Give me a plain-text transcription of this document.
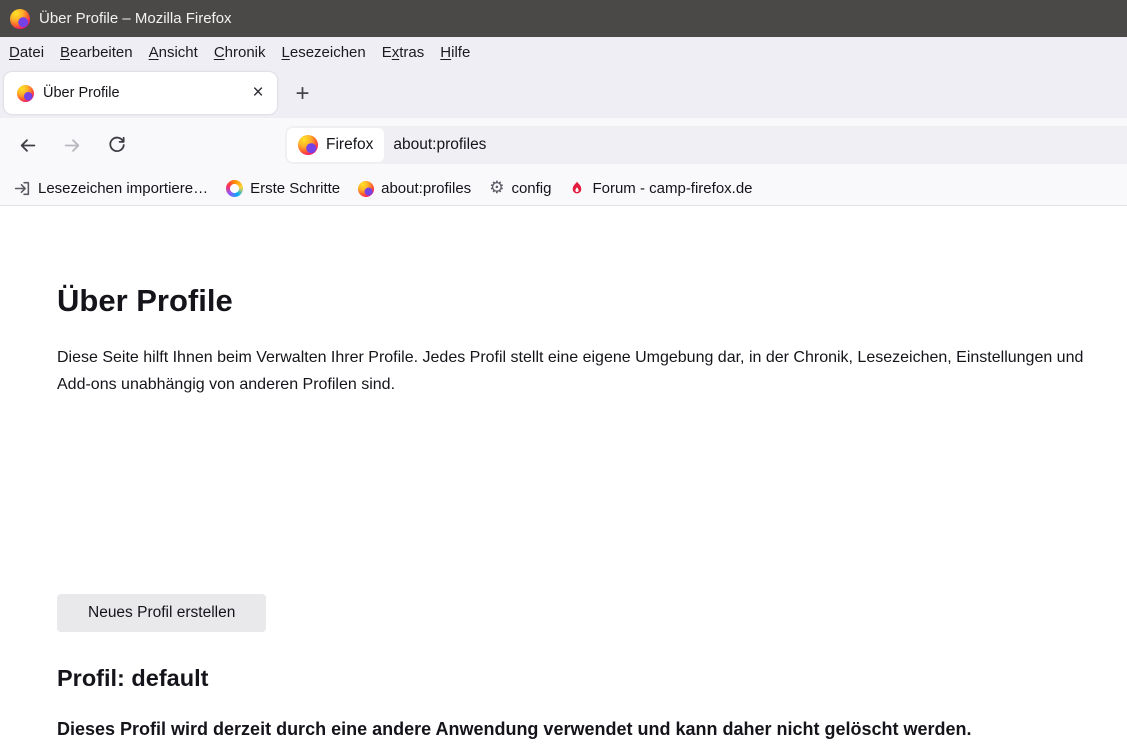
Über Profile – Mozilla Firefox
Datei	Bearbeiten	Ansicht	Chronik	Lesezeichen	Extras	Hilfe
Über Profile	×	+
Firefox about:profiles
Lesezeichen importiere…	Erste Schritte	about:profiles ⚙ config	Forum - camp-firefox.de
Über Profile
Diese Seite hilft Ihnen beim Verwalten Ihrer Profile. Jedes Profil stellt eine eigene Umgebung dar, in der Chronik, Lesezeichen, Einstellungen und
Add-ons unabhängig von anderen Profilen sind.

Neues Profil erstellen
Profil: default

Dieses Profil wird derzeit durch eine andere Anwendung verwendet und kann daher nicht gelöscht werden.
